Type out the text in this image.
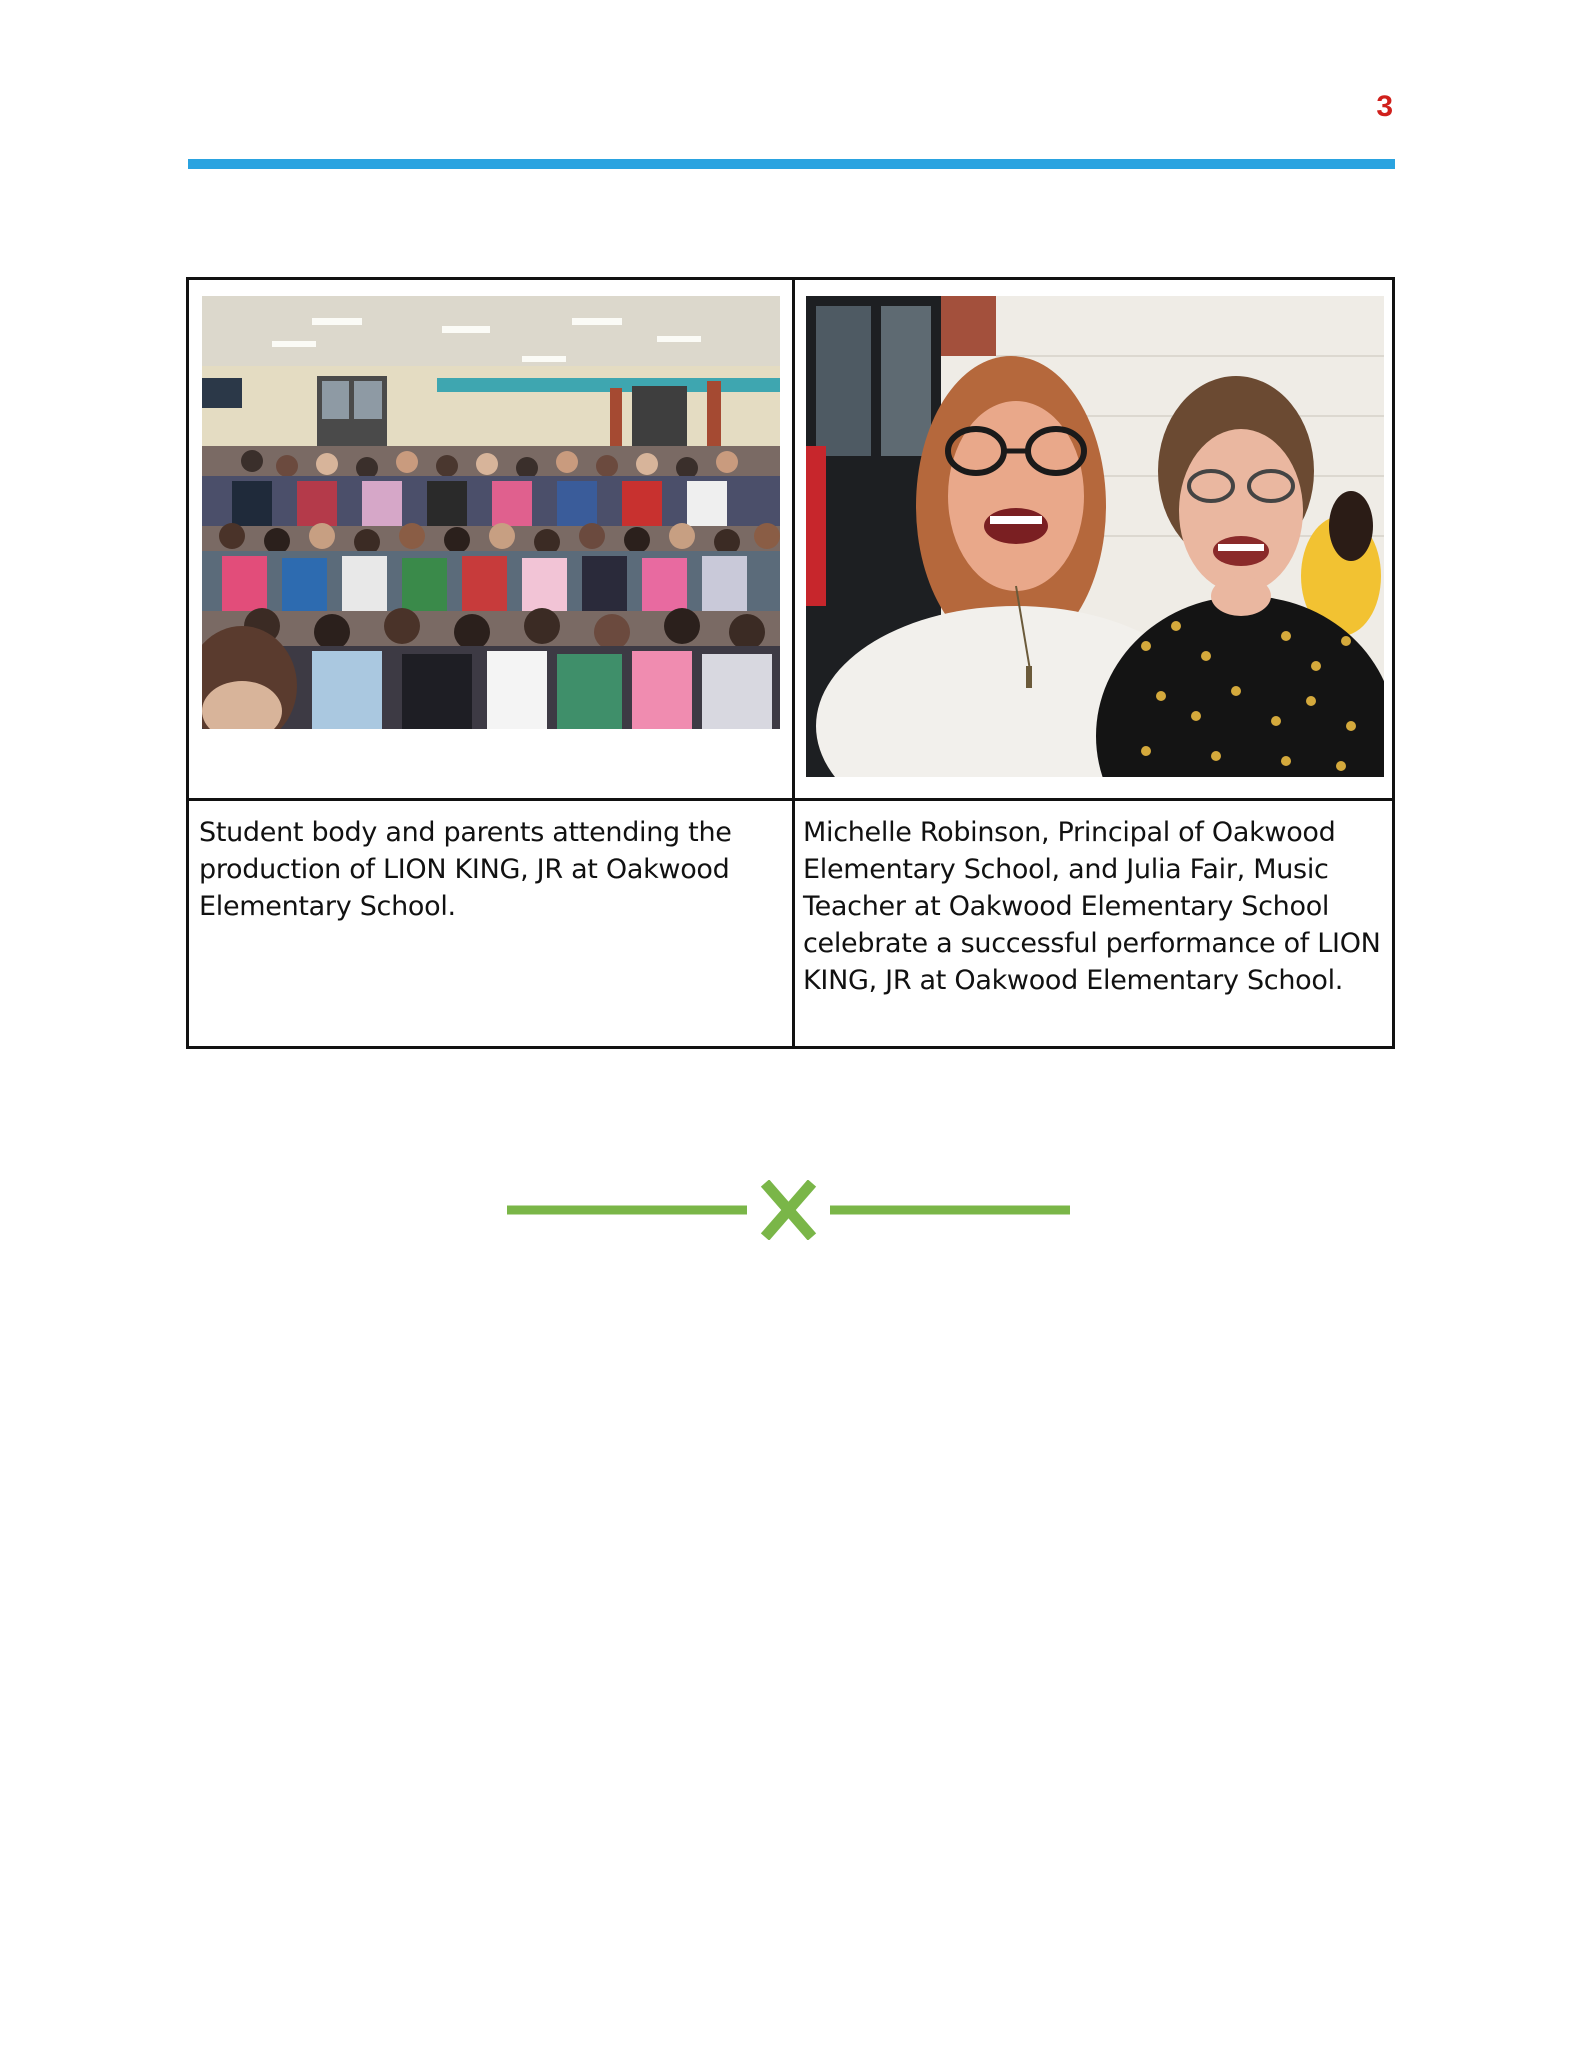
3
Student body and parents attending the production of LION KING, JR at Oakwood Elementary School.
Michelle Robinson, Principal of Oakwood Elementary School, and Julia Fair, Music Teacher at Oakwood Elementary School celebrate a successful performance of LION KING, JR at Oakwood Elementary School.
